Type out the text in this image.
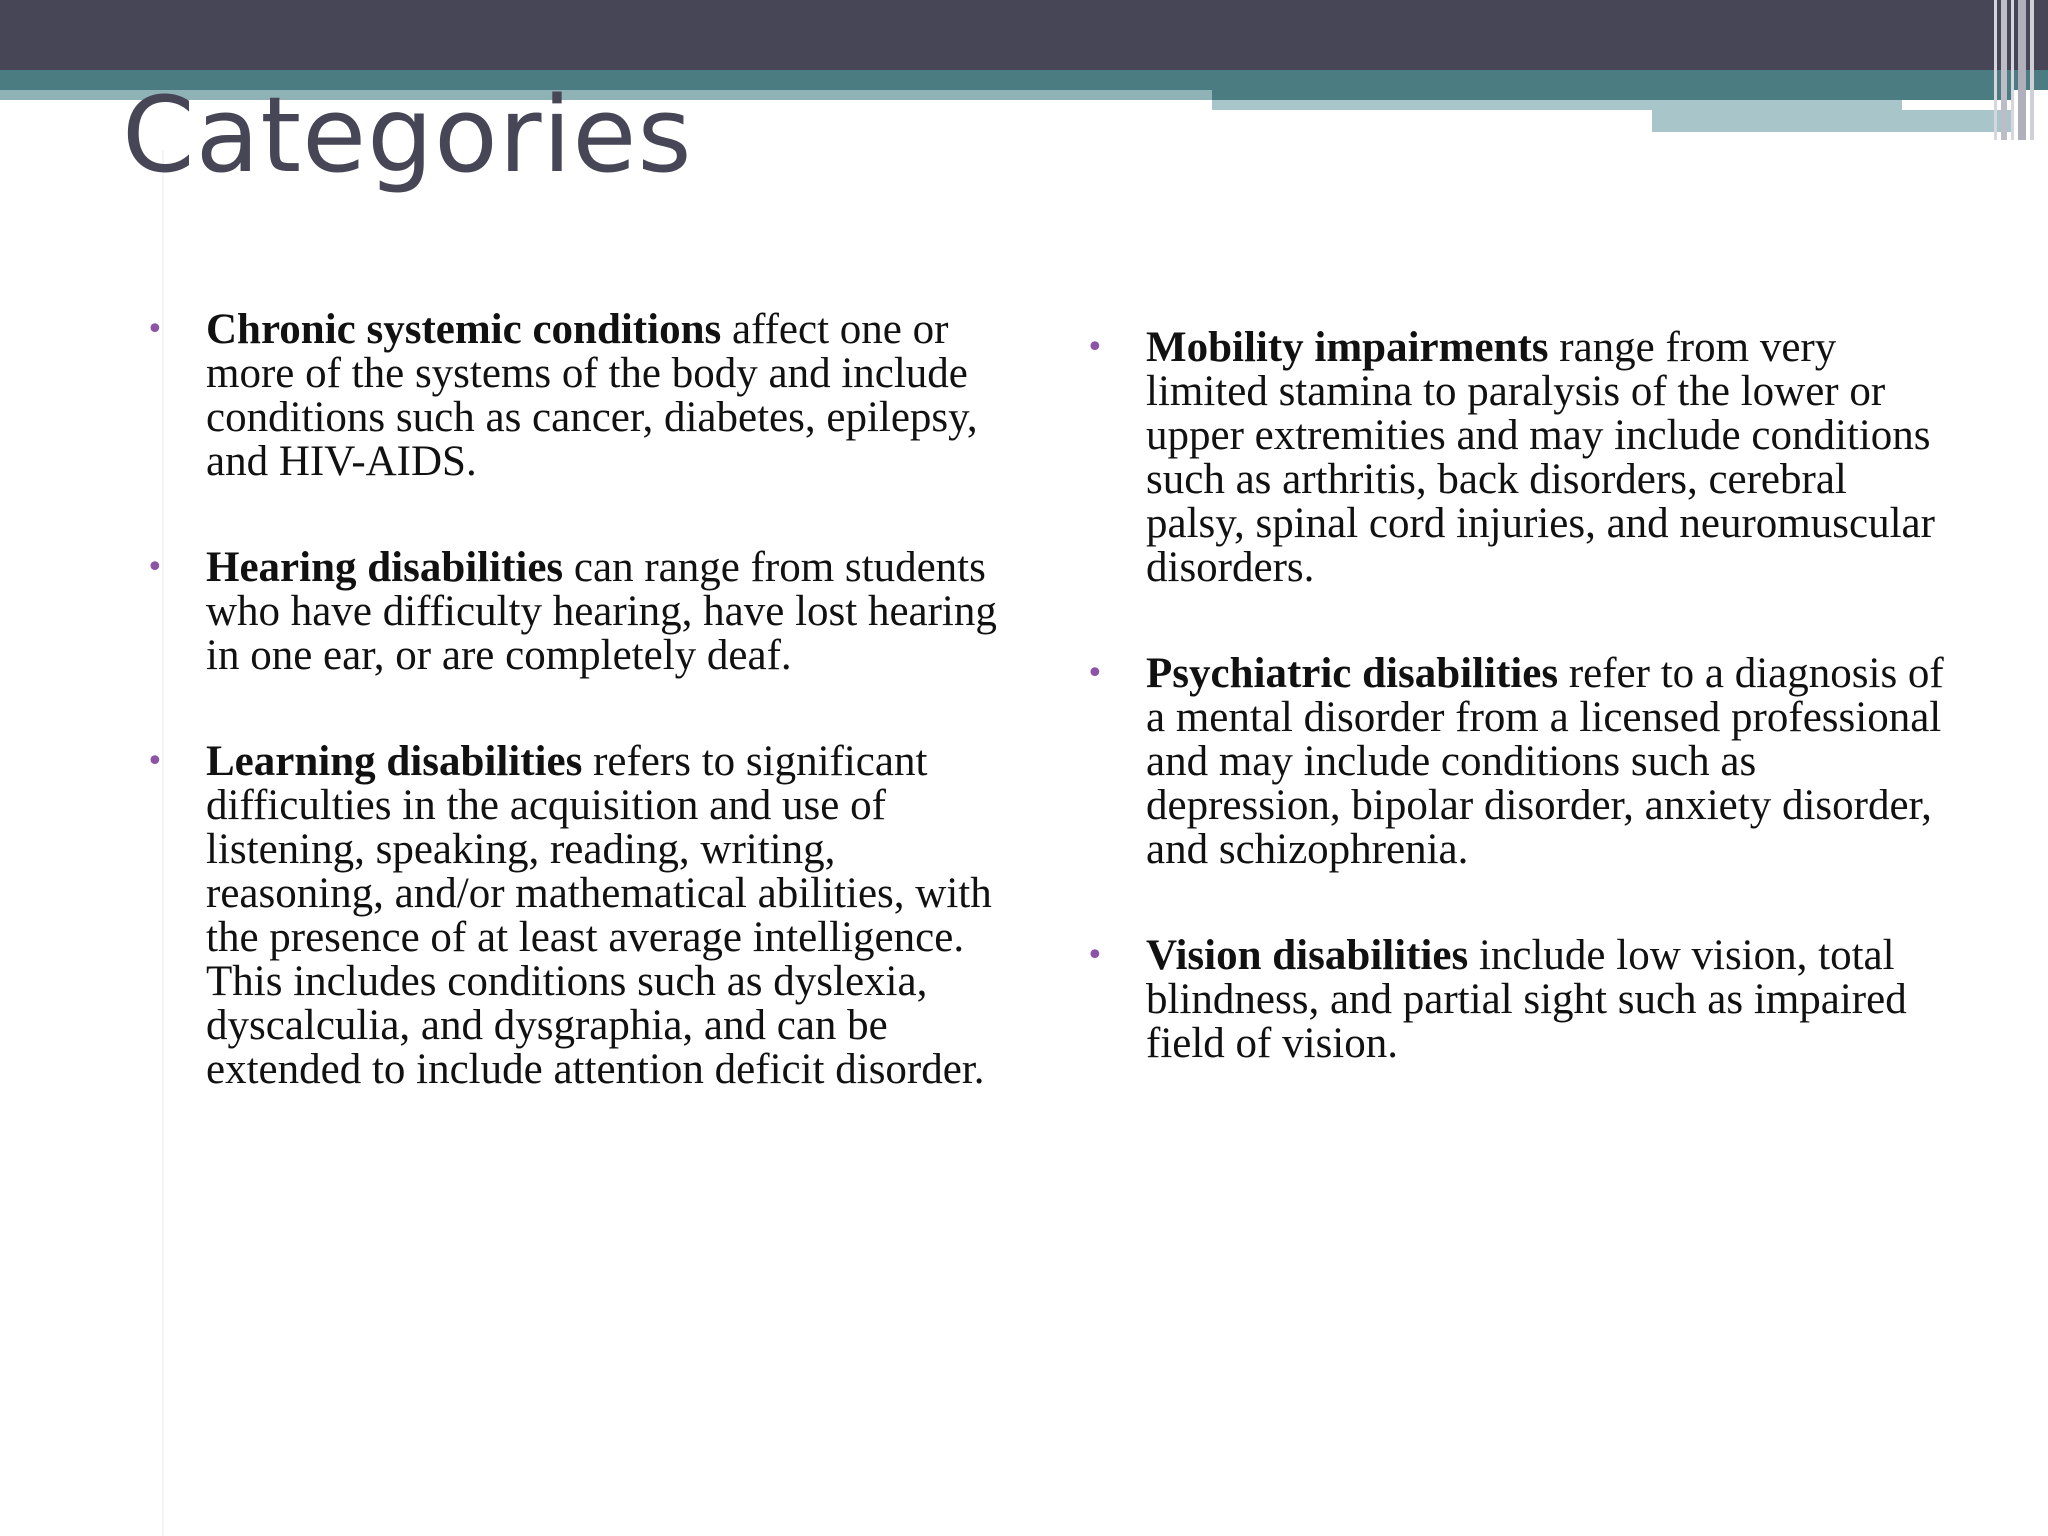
Categories
• Chronic systemic conditions affect one or more of the systems of the body and include conditions such as cancer, diabetes, epilepsy, and HIV-AIDS.
• Hearing disabilities can range from students who have difficulty hearing, have lost hearing in one ear, or are completely deaf.
• Learning disabilities refers to significant difficulties in the acquisition and use of listening, speaking, reading, writing, reasoning, and/or mathematical abilities, with the presence of at least average intelligence. This includes conditions such as dyslexia, dyscalculia, and dysgraphia, and can be extended to include attention deficit disorder.
• Mobility impairments range from very limited stamina to paralysis of the lower or upper extremities and may include conditions such as arthritis, back disorders, cerebral palsy, spinal cord injuries, and neuromuscular disorders.
• Psychiatric disabilities refer to a diagnosis of a mental disorder from a licensed professional and may include conditions such as depression, bipolar disorder, anxiety disorder, and schizophrenia.
• Vision disabilities include low vision, total blindness, and partial sight such as impaired field of vision.
